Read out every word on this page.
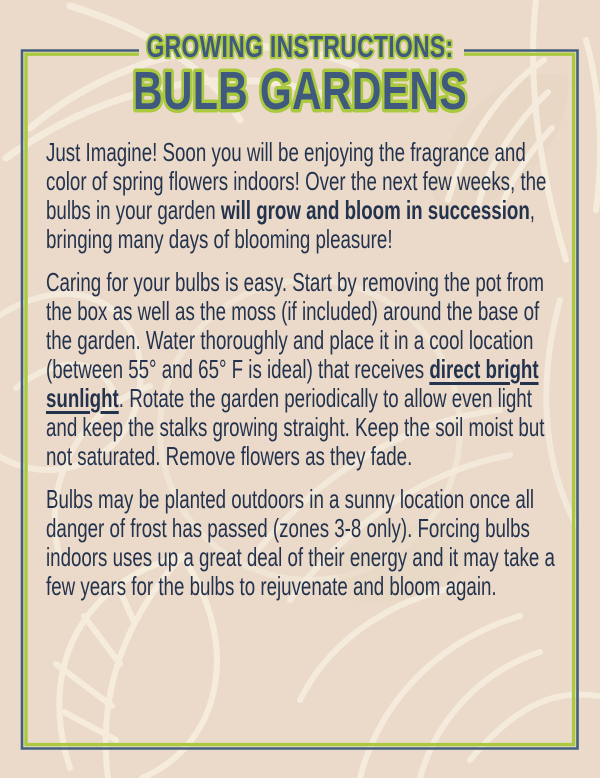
GROWING INSTRUCTIONS:
BULB GARDENS

Just Imagine! Soon you will be enjoying the fragrance and color of spring flowers indoors! Over the next few weeks, the bulbs in your garden will grow and bloom in succession, bringing many days of blooming pleasure!

Caring for your bulbs is easy. Start by removing the pot from the box as well as the moss (if included) around the base of the garden. Water thoroughly and place it in a cool location (between 55° and 65° F is ideal) that receives direct bright sunlight. Rotate the garden periodically to allow even light and keep the stalks growing straight. Keep the soil moist but not saturated. Remove flowers as they fade.

Bulbs may be planted outdoors in a sunny location once all danger of frost has passed (zones 3-8 only). Forcing bulbs indoors uses up a great deal of their energy and it may take a few years for the bulbs to rejuvenate and bloom again.
